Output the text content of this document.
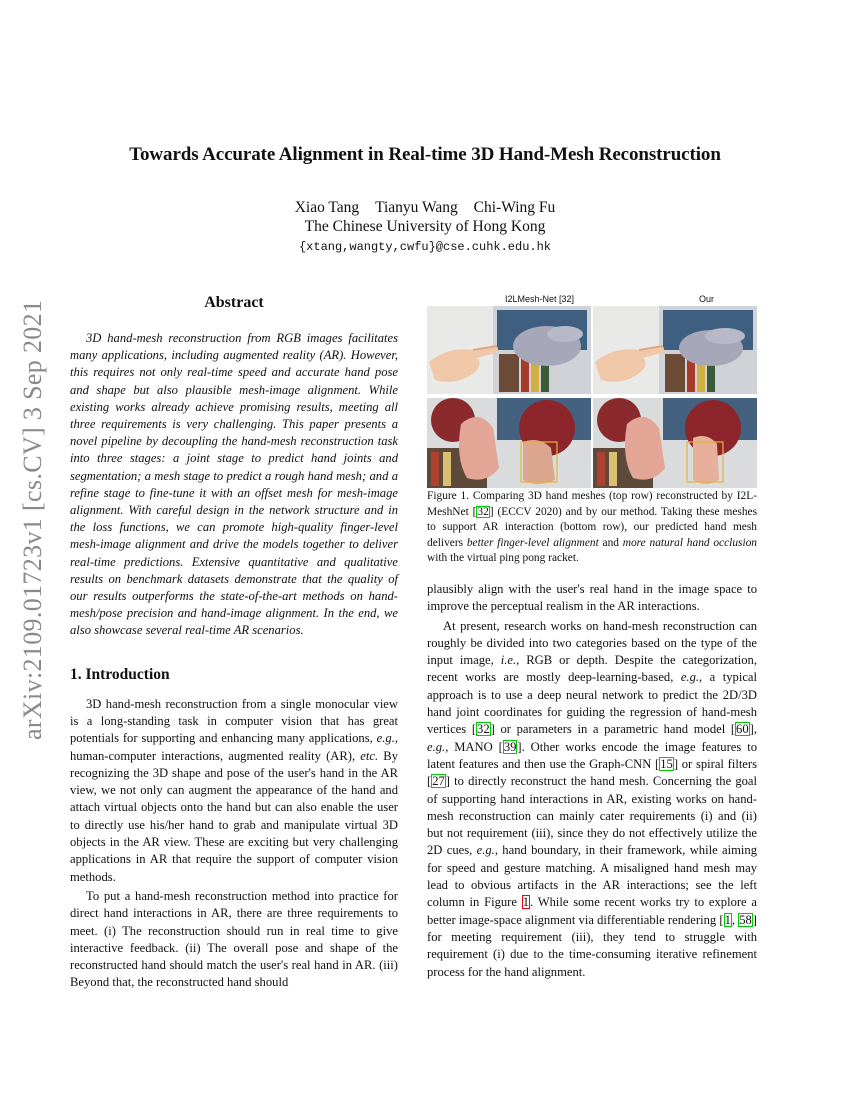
arXiv:2109.01723v1 [cs.CV] 3 Sep 2021
Towards Accurate Alignment in Real-time 3D Hand-Mesh Reconstruction
Xiao Tang Tianyu Wang Chi-Wing Fu
The Chinese University of Hong Kong
{xtang,wangty,cwfu}@cse.cuhk.edu.hk
Abstract

3D hand-mesh reconstruction from RGB images facilitates many applications, including augmented reality (AR). However, this requires not only real-time speed and accurate hand pose and shape but also plausible mesh-image alignment. While existing works already achieve promising results, meeting all three requirements is very challenging. This paper presents a novel pipeline by decoupling the hand-mesh reconstruction task into three stages: a joint stage to predict hand joints and segmentation; a mesh stage to predict a rough hand mesh; and a refine stage to fine-tune it with an offset mesh for mesh-image alignment. With careful design in the network structure and in the loss functions, we can promote high-quality finger-level mesh-image alignment and drive the models together to deliver real-time predictions. Extensive quantitative and qualitative results on benchmark datasets demonstrate that the quality of our results outperforms the state-of-the-art methods on hand-mesh/pose precision and hand-image alignment. In the end, we also showcase several real-time AR scenarios.

1. Introduction

3D hand-mesh reconstruction from a single monocular view is a long-standing task in computer vision that has great potentials for supporting and enhancing many applications, e.g., human-computer interactions, augmented reality (AR), etc. By recognizing the 3D shape and pose of the user's hand in the AR view, we not only can augment the appearance of the hand and attach virtual objects onto the hand but can also enable the user to directly use his/her hand to grab and manipulate virtual 3D objects in the AR view. These are exciting but very challenging applications in AR that require the support of computer vision methods.

To put a hand-mesh reconstruction method into practice for direct hand interactions in AR, there are three requirements to meet. (i) The reconstruction should run in real time to give interactive feedback. (ii) The overall pose and shape of the reconstructed hand should match the user's real hand in AR. (iii) Beyond that, the reconstructed hand should

I2LMesh-Net [32]	Our

Figure 1. Comparing 3D hand meshes (top row) reconstructed by I2L-MeshNet [32] (ECCV 2020) and by our method. Taking these meshes to support AR interaction (bottom row), our predicted hand mesh delivers better finger-level alignment and more natural hand occlusion with the virtual ping pong racket.

plausibly align with the user's real hand in the image space to improve the perceptual realism in the AR interactions.

At present, research works on hand-mesh reconstruction can roughly be divided into two categories based on the type of the input image, i.e., RGB or depth. Despite the categorization, recent works are mostly deep-learning-based, e.g., a typical approach is to use a deep neural network to predict the 2D/3D hand joint coordinates for guiding the regression of hand-mesh vertices [32] or parameters in a parametric hand model [60], e.g., MANO [39]. Other works encode the image features to latent features and then use the Graph-CNN [15] or spiral filters [27] to directly reconstruct the hand mesh. Concerning the goal of supporting hand interactions in AR, existing works on hand-mesh reconstruction can mainly cater requirements (i) and (ii) but not requirement (iii), since they do not effectively utilize the 2D cues, e.g., hand boundary, in their framework, while aiming for speed and gesture matching. A misaligned hand mesh may lead to obvious artifacts in the AR interactions; see the left column in Figure 1. While some recent works try to explore a better image-space alignment via differentiable rendering [1, 58] for meeting requirement (iii), they tend to struggle with requirement (i) due to the time-consuming iterative refinement process for the hand alignment.
